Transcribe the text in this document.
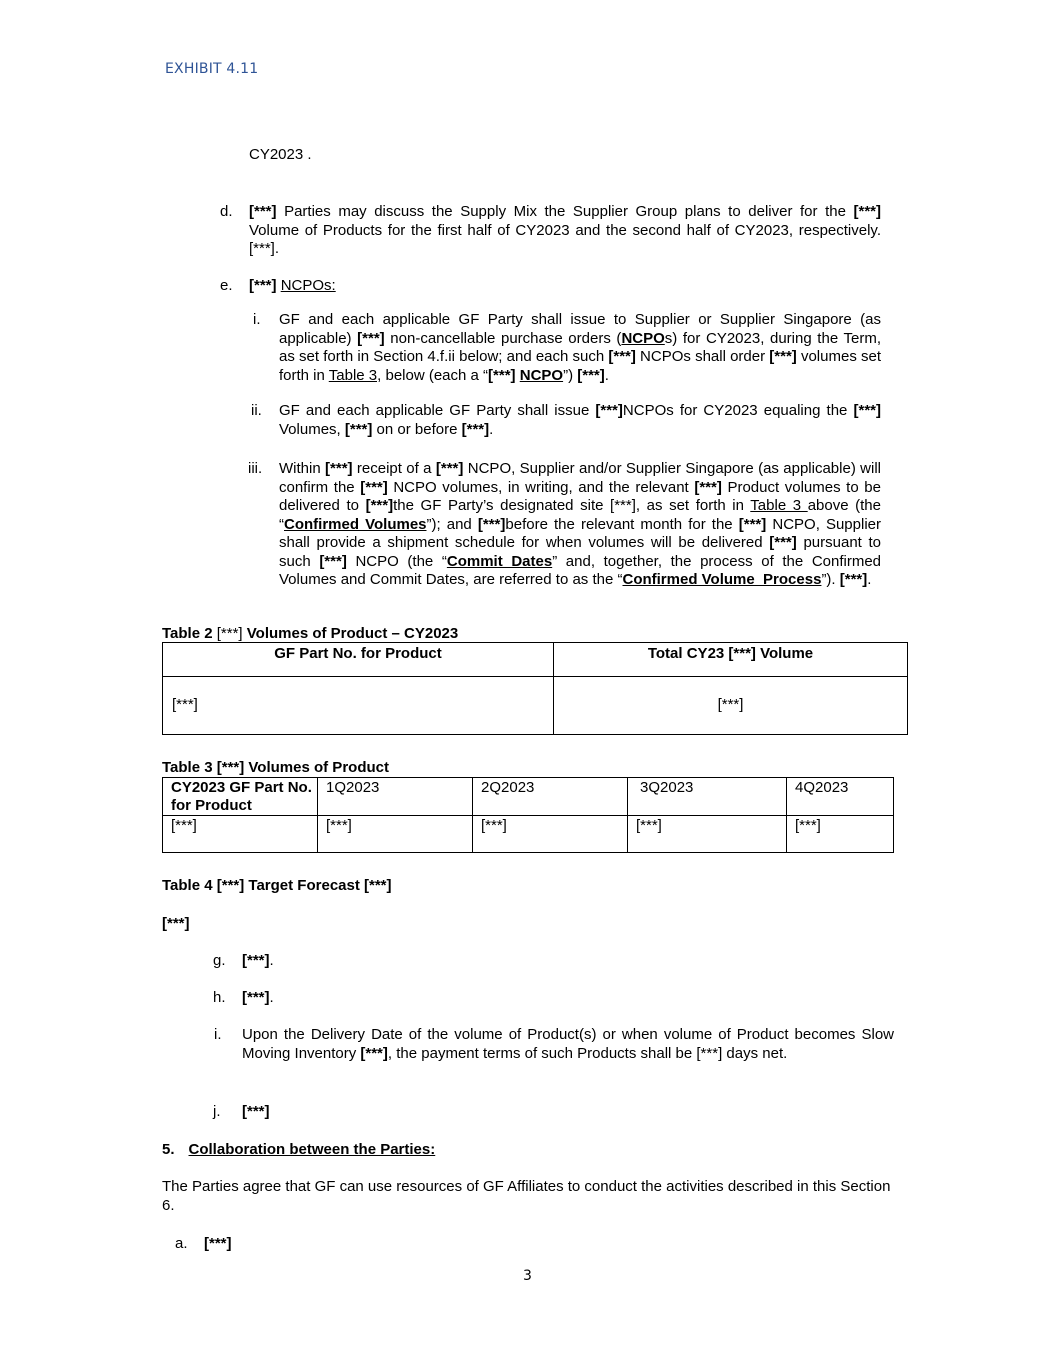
EXHIBIT 4.11
CY2023 .
d. [***] Parties may discuss the Supply Mix the Supplier Group plans to deliver for the [***] Volume of Products for the first half of CY2023 and the second half of CY2023, respectively. [***].
e. [***] NCPOs:
i. GF and each applicable GF Party shall issue to Supplier or Supplier Singapore (as applicable) [***] non-cancellable purchase orders (NCPOs) for CY2023, during the Term, as set forth in Section 4.f.ii below; and each such [***] NCPOs shall order [***] volumes set forth in Table 3, below (each a “[***] NCPO”) [***].
ii. GF and each applicable GF Party shall issue [***]NCPOs for CY2023 equaling the [***] Volumes, [***] on or before [***].
iii. Within [***] receipt of a [***] NCPO, Supplier and/or Supplier Singapore (as applicable) will confirm the [***] NCPO volumes, in writing, and the relevant [***] Product volumes to be delivered to [***]the GF Party’s designated site [***], as set forth in Table 3 above (the “Confirmed Volumes”); and [***]before the relevant month for the [***] NCPO, Supplier shall provide a shipment schedule for when volumes will be delivered [***] pursuant to such [***] NCPO (the “Commit Dates” and, together, the process of the Confirmed Volumes and Commit Dates, are referred to as the “Confirmed Volume  Process”). [***].
Table 2 [***] Volumes of Product – CY2023
GF Part No. for Product	Total CY23 [***] Volume
[***]	[***]
Table 3 [***] Volumes of Product
CY2023 GF Part No. for Product	1Q2023	2Q2023	3Q2023	4Q2023
[***]	[***]	[***]	[***]	[***]
Table 4 [***] Target Forecast [***]
[***]
g. [***].
h. [***].
i. Upon the Delivery Date of the volume of Product(s) or when volume of Product becomes Slow Moving Inventory [***], the payment terms of such Products shall be [***] days net.
j. [***]
5. Collaboration between the Parties:
The Parties agree that GF can use resources of GF Affiliates to conduct the activities described in this Section 6.
a. [***]
3
